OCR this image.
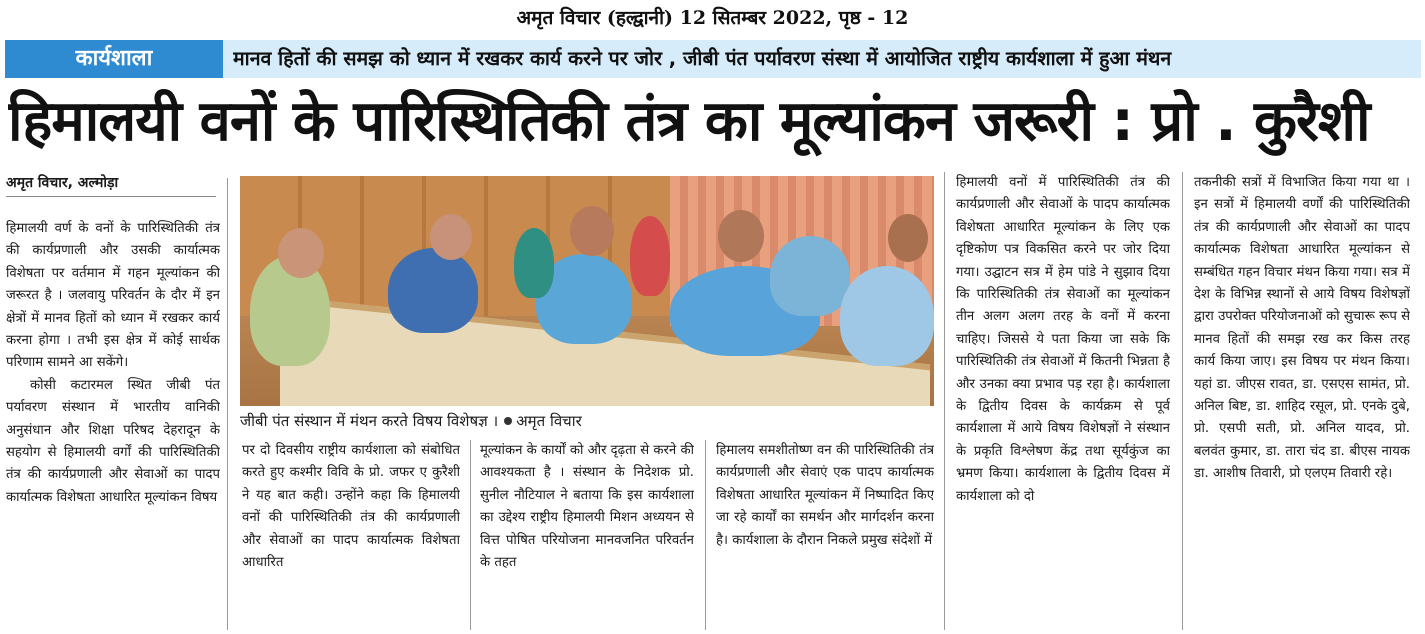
अमृत विचार (हल्द्वानी) 12 सितम्बर 2022, पृष्ठ - 12
कार्यशाला	मानव हितों की समझ को ध्यान में रखकर कार्य करने पर जोर , जीबी पंत पर्यावरण संस्था में आयोजित राष्ट्रीय कार्यशाला में हुआ मंथन
हिमालयी वनों के पारिस्थितिकी तंत्र का मूल्यांकन जरूरी : प्रो . कुरैशी
अमृत विचार, अल्मोड़ा

हिमालयी वर्ण के वनों के पारिस्थितिकी तंत्र की कार्यप्रणाली और उसकी कार्यात्मक विशेषता पर वर्तमान में गहन मूल्यांकन की जरूरत है । जलवायु परिवर्तन के दौर में इन क्षेत्रों में मानव हितों को ध्यान में रखकर कार्य करना होगा । तभी इस क्षेत्र में कोई सार्थक परिणाम सामने आ सकेंगे।

कोसी कटारमल स्थित जीबी पंत पर्यावरण संस्थान में भारतीय वानिकी अनुसंधान और शिक्षा परिषद देहरादून के सहयोग से हिमालयी वर्गों की पारिस्थितिकी तंत्र की कार्यप्रणाली और सेवाओं का पादप कार्यात्मक विशेषता आधारित मूल्यांकन विषय

जीबी पंत संस्थान में मंथन करते विषय विशेषज्ञ । अमृत विचार

पर दो दिवसीय राष्ट्रीय कार्यशाला को संबोधित करते हुए कश्मीर विवि के प्रो. जफर ए कुरैशी ने यह बात कही। उन्होंने कहा कि हिमालयी वनों की पारिस्थितिकी तंत्र की कार्यप्रणाली और सेवाओं का पादप कार्यात्मक विशेषता आधारित

मूल्यांकन के कार्यों को और दृढ़ता से करने की आवश्यकता है । संस्थान के निदेशक प्रो. सुनील नौटियाल ने बताया कि इस कार्यशाला का उद्देश्य राष्ट्रीय हिमालयी मिशन अध्ययन से वित्त पोषित परियोजना मानवजनित परिवर्तन के तहत

हिमालय समशीतोष्ण वन की पारिस्थितिकी तंत्र कार्यप्रणाली और सेवाएं एक पादप कार्यात्मक विशेषता आधारित मूल्यांकन में निष्पादित किए जा रहे कार्यों का समर्थन और मार्गदर्शन करना है। कार्यशाला के दौरान निकले प्रमुख संदेशों में

हिमालयी वनों में पारिस्थितिकी तंत्र की कार्यप्रणाली और सेवाओं के पादप कार्यात्मक विशेषता आधारित मूल्यांकन के लिए एक दृष्टिकोण पत्र विकसित करने पर जोर दिया गया। उद्घाटन सत्र में हेम पांडे ने सुझाव दिया कि पारिस्थितिकी तंत्र सेवाओं का मूल्यांकन तीन अलग अलग तरह के वनों में करना चाहिए। जिससे ये पता किया जा सके कि पारिस्थितिकी तंत्र सेवाओं में कितनी भिन्नता है और उनका क्या प्रभाव पड़ रहा है। कार्यशाला के द्वितीय दिवस के कार्यक्रम से पूर्व कार्यशाला में आये विषय विशेषज्ञों ने संस्थान के प्रकृति विश्लेषण केंद्र तथा सूर्यकुंज का भ्रमण किया। कार्यशाला के द्वितीय दिवस में कार्यशाला को दो

तकनीकी सत्रों में विभाजित किया गया था । इन सत्रों में हिमालयी वर्णों की पारिस्थितिकी तंत्र की कार्यप्रणाली और सेवाओं का पादप कार्यात्मक विशेषता आधारित मूल्यांकन से सम्बंधित गहन विचार मंथन किया गया। सत्र में देश के विभिन्न स्थानों से आये विषय विशेषज्ञों द्वारा उपरोक्त परियोजनाओं को सुचारू रूप से मानव हितों की समझ रख कर किस तरह कार्य किया जाए। इस विषय पर मंथन किया। यहां डा. जीएस रावत, डा. एसएस सामंत, प्रो. अनिल बिष्ट, डा. शाहिद रसूल, प्रो. एनके दुबे, प्रो. एसपी सती, प्रो. अनिल यादव, प्रो. बलवंत कुमार, डा. तारा चंद डा. बीएस नायक डा. आशीष तिवारी, प्रो एलएम तिवारी रहे।
